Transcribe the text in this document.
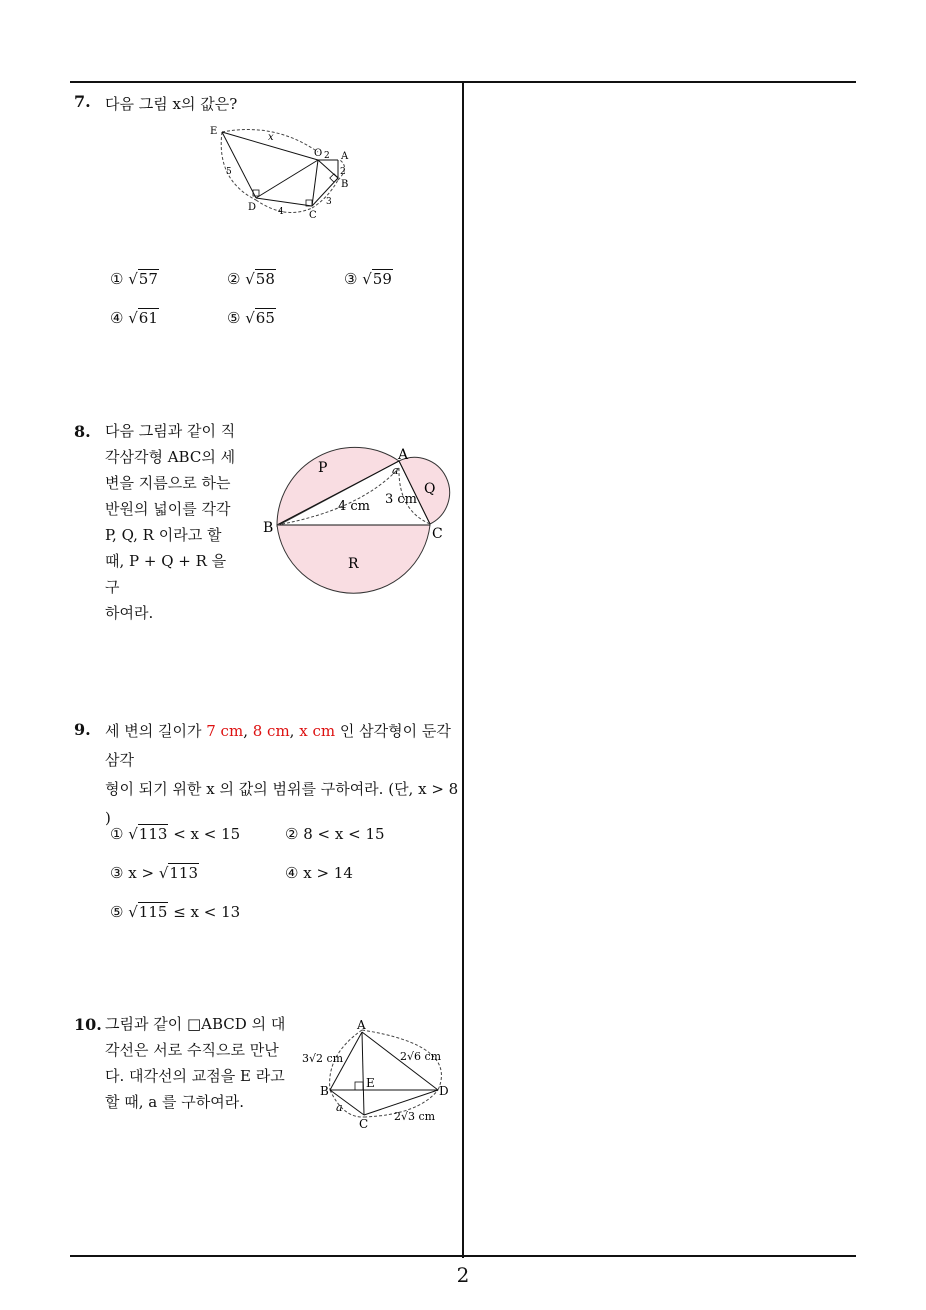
2
7. 다음 그림 x의 값은?
E
O A
B
C
D
x
2
2
3
4
5
① √57	② √58	③ √59
④ √61	⑤ √65
8. 다음 그림과 같이 직
각삼각형 ABC의 세
변을 지름으로 하는
반원의 넓이를 각각
P, Q, R 이라고 할
때, P + Q + R 을 구
하여라.
P
Q
R
A
B	C
a
4 cm 3 cm
9. 세 변의 길이가 7 cm, 8 cm, x cm 인 삼각형이 둔각삼각
형이 되기 위한 x 의 값의 범위를 구하여라. (단, x > 8
)
① √113 < x < 15	② 8 < x < 15
③ x > √113	④ x > 14
⑤ √115 ≤ x < 13
10. 그림과 같이 □ABCD 의 대
각선은 서로 수직으로 만난
다. 대각선의 교점을 E 라고
할 때, a 를 구하여라.
A
B
C
D
E
a
3√2 cm	2√6 cm
2√3 cm
